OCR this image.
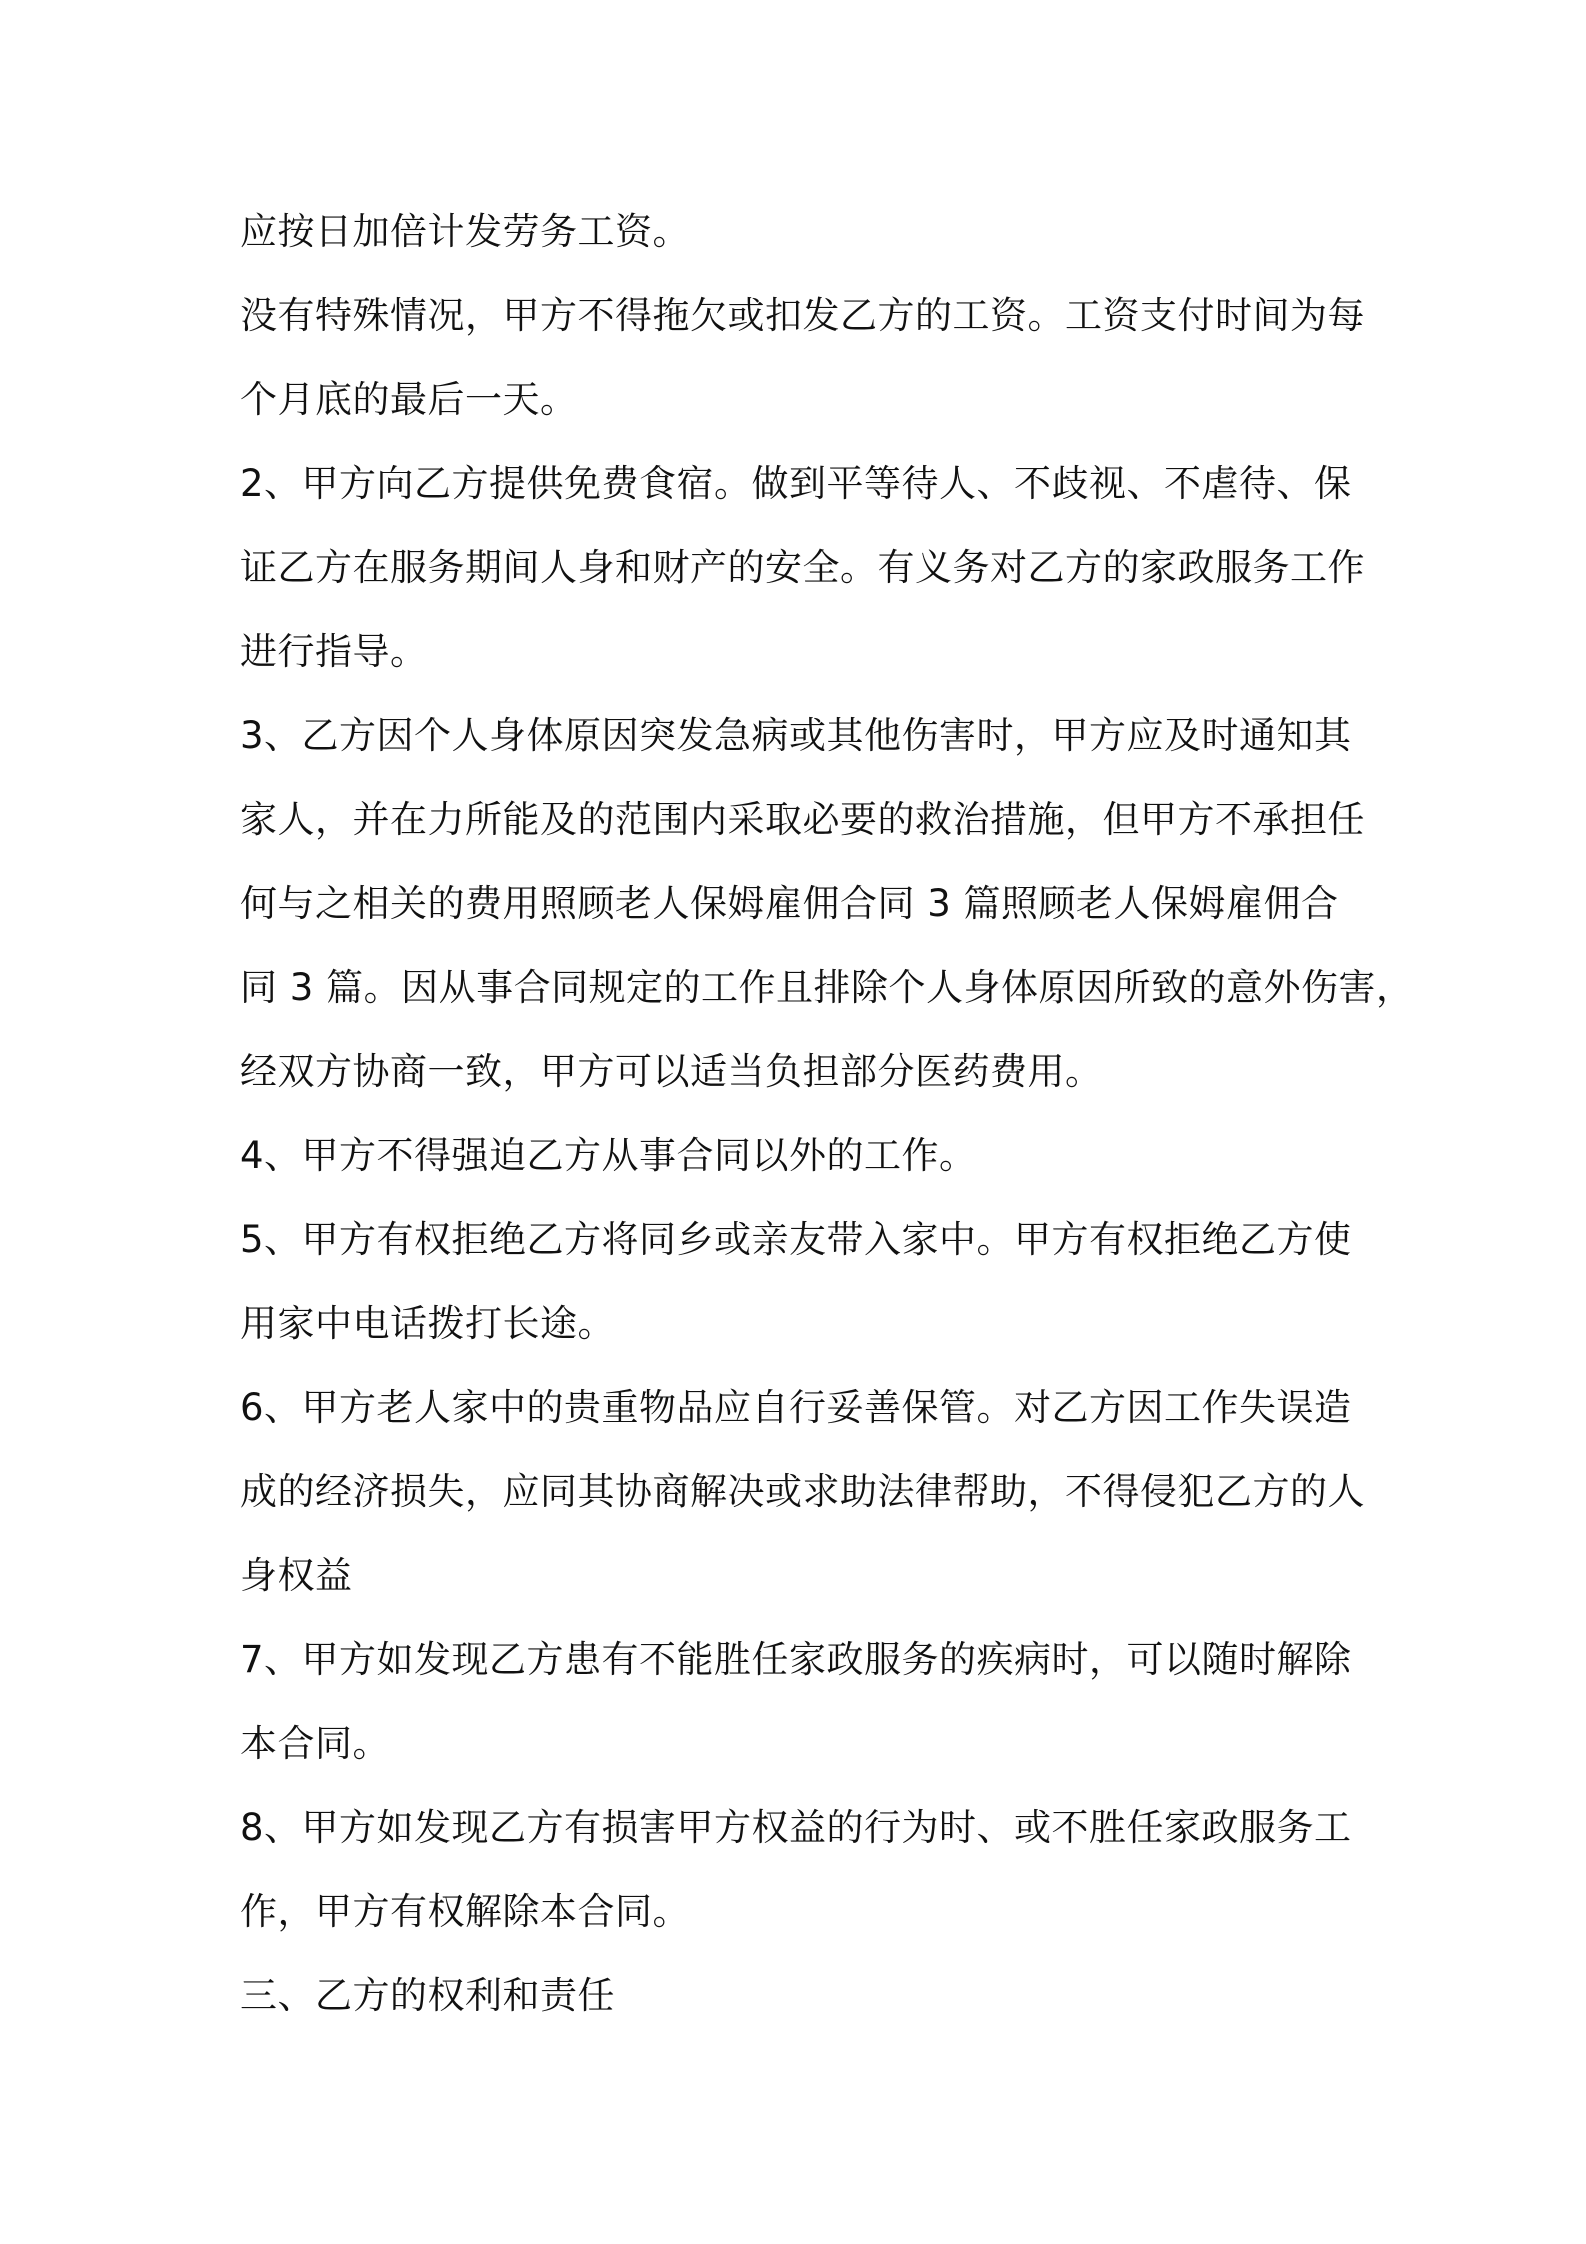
应按日加倍计发劳务工资。
没有特殊情况，甲方不得拖欠或扣发乙方的工资。工资支付时间为每
个月底的最后一天。
2、甲方向乙方提供免费食宿。做到平等待人、不歧视、不虐待、保
证乙方在服务期间人身和财产的安全。有义务对乙方的家政服务工作
进行指导。
3、乙方因个人身体原因突发急病或其他伤害时，甲方应及时通知其
家人，并在力所能及的范围内采取必要的救治措施，但甲方不承担任
何与之相关的费用照顾老人保姆雇佣合同 3 篇照顾老人保姆雇佣合
同 3 篇。因从事合同规定的工作且排除个人身体原因所致的意外伤害，
经双方协商一致，甲方可以适当负担部分医药费用。
4、甲方不得强迫乙方从事合同以外的工作。
5、甲方有权拒绝乙方将同乡或亲友带入家中。甲方有权拒绝乙方使
用家中电话拨打长途。
6、甲方老人家中的贵重物品应自行妥善保管。对乙方因工作失误造
成的经济损失，应同其协商解决或求助法律帮助，不得侵犯乙方的人
身权益
7、甲方如发现乙方患有不能胜任家政服务的疾病时，可以随时解除
本合同。
8、甲方如发现乙方有损害甲方权益的行为时、或不胜任家政服务工
作，甲方有权解除本合同。
三、乙方的权利和责任
